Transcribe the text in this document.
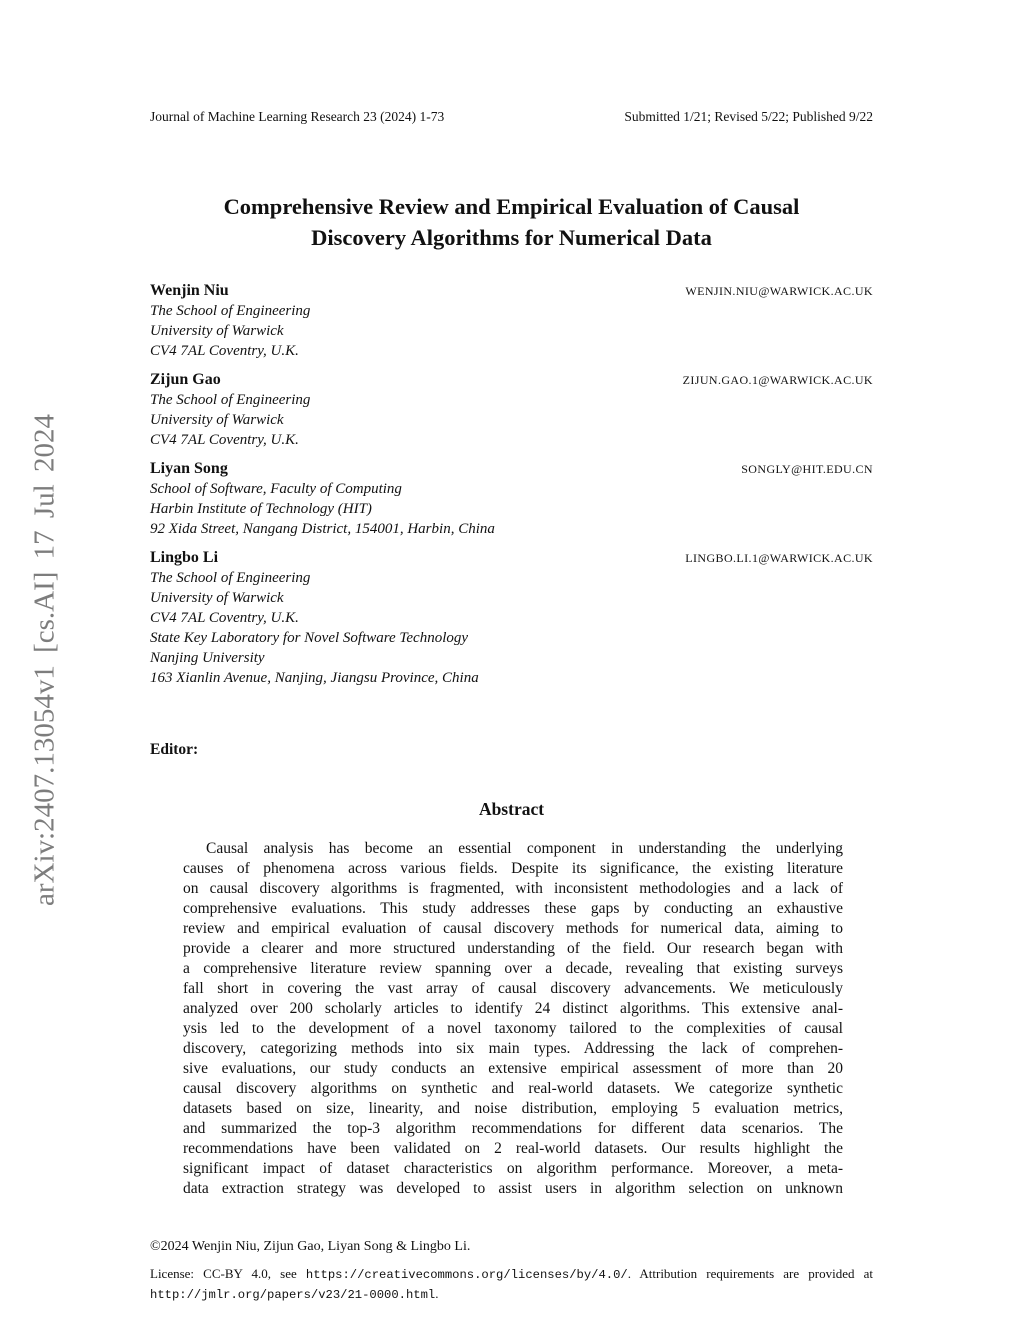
arXiv:2407.13054v1 [cs.AI] 17 Jul 2024
Journal of Machine Learning Research 23 (2024) 1-73	Submitted 1/21; Revised 5/22; Published 9/22
Comprehensive Review and Empirical Evaluation of Causal
Discovery Algorithms for Numerical Data
Wenjin Niu	WENJIN.NIU@WARWICK.AC.UK
The School of Engineering
University of Warwick
CV4 7AL Coventry, U.K.
Zijun Gao	ZIJUN.GAO.1@WARWICK.AC.UK
The School of Engineering
University of Warwick
CV4 7AL Coventry, U.K.
Liyan Song	SONGLY@HIT.EDU.CN
School of Software, Faculty of Computing
Harbin Institute of Technology (HIT)
92 Xida Street, Nangang District, 154001, Harbin, China
Lingbo Li	LINGBO.LI.1@WARWICK.AC.UK
The School of Engineering
University of Warwick
CV4 7AL Coventry, U.K.
State Key Laboratory for Novel Software Technology
Nanjing University
163 Xianlin Avenue, Nanjing, Jiangsu Province, China
Editor:
Abstract
Causal analysis has become an essential component in understanding the underlying
causes of phenomena across various fields. Despite its significance, the existing literature
on causal discovery algorithms is fragmented, with inconsistent methodologies and a lack of
comprehensive evaluations. This study addresses these gaps by conducting an exhaustive
review and empirical evaluation of causal discovery methods for numerical data, aiming to
provide a clearer and more structured understanding of the field. Our research began with
a comprehensive literature review spanning over a decade, revealing that existing surveys
fall short in covering the vast array of causal discovery advancements. We meticulously
analyzed over 200 scholarly articles to identify 24 distinct algorithms. This extensive anal-
ysis led to the development of a novel taxonomy tailored to the complexities of causal
discovery, categorizing methods into six main types. Addressing the lack of comprehen-
sive evaluations, our study conducts an extensive empirical assessment of more than 20
causal discovery algorithms on synthetic and real-world datasets. We categorize synthetic
datasets based on size, linearity, and noise distribution, employing 5 evaluation metrics,
and summarized the top-3 algorithm recommendations for different data scenarios. The
recommendations have been validated on 2 real-world datasets. Our results highlight the
significant impact of dataset characteristics on algorithm performance. Moreover, a meta-
data extraction strategy was developed to assist users in algorithm selection on unknown
©2024 Wenjin Niu, Zijun Gao, Liyan Song & Lingbo Li.
License: CC-BY 4.0, see https://creativecommons.org/licenses/by/4.0/. Attribution requirements are provided at http://jmlr.org/papers/v23/21-0000.html.
